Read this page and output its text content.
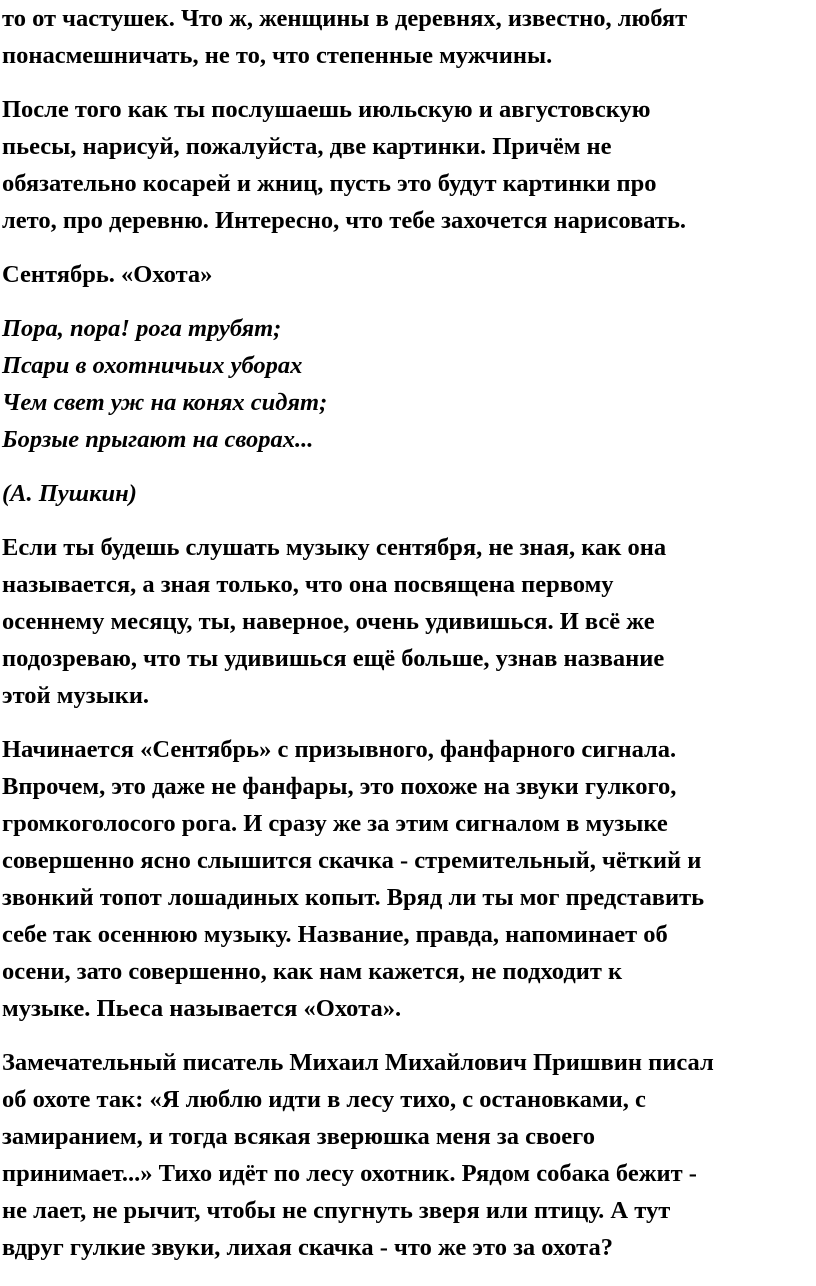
то от частушек. Что ж, женщины в деревнях, известно, любят
понасмешничать, не то, что степенные мужчины.

После того как ты послушаешь июльскую и августовскую
пьесы, нарисуй, пожалуйста, две картинки. Причём не
обязательно косарей и жниц, пусть это будут картинки про
лето, про деревню. Интересно, что тебе захочется нарисовать.

Сентябрь. «Охота»

Пора, пора! рога трубят;
Псари в охотничьих уборах
Чем свет уж на конях сидят;
Борзые прыгают на сворах...

(А. Пушкин)

Если ты будешь слушать музыку сентября, не зная, как она
называется, а зная только, что она посвящена первому
осеннему месяцу, ты, наверное, очень удивишься. И всё же
подозреваю, что ты удивишься ещё больше, узнав название
этой музыки.

Начинается «Сентябрь» с призывного, фанфарного сигнала.
Впрочем, это даже не фанфары, это похоже на звуки гулкого,
громкоголосого рога. И сразу же за этим сигналом в музыке
совершенно ясно слышится скачка - стремительный, чёткий и
звонкий топот лошадиных копыт. Вряд ли ты мог представить
себе так осеннюю музыку. Название, правда, напоминает об
осени, зато совершенно, как нам кажется, не подходит к
музыке. Пьеса называется «Охота».

Замечательный писатель Михаил Михайлович Пришвин писал
об охоте так: «Я люблю идти в лесу тихо, с остановками, с
замиранием, и тогда всякая зверюшка меня за своего
принимает...» Тихо идёт по лесу охотник. Рядом собака бежит -
не лает, не рычит, чтобы не спугнуть зверя или птицу. А тут
вдруг гулкие звуки, лихая скачка - что же это за охота?
